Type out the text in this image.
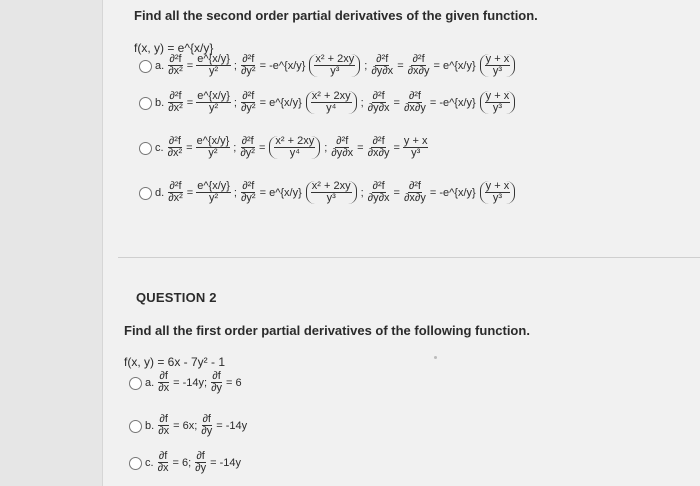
Find all the second order partial derivatives of the given function.
f(x, y) = e^{x/y}
a. $\frac{\text{∂²f}}{\text{∂x²}} = \frac{e\^{}\{x/y\}}{\text{y²}}$ ; $\frac{\text{∂²f}}{\text{∂y²}}$ = -e^{x/y} $\frac{\text{x² + 2xy}}{\text{y³}}$ ; $\frac{\text{∂²f}}{\partial y\partial x} = \frac{\text{∂²f}}{\partial x\partial y}$ = e^{x/y} $\frac{y + x}{\text{y³}}$
b. $\frac{\text{∂²f}}{\text{∂x²}} = \frac{e\^{}\{x/y\}}{\text{y²}}$ ; $\frac{\text{∂²f}}{\text{∂y²}}$ = e^{x/y} $\frac{\text{x² + 2xy}}{\text{y⁴}}$ ; $\frac{\text{∂²f}}{\partial y\partial x} = \frac{\text{∂²f}}{\partial x\partial y}$ = -e^{x/y} $\frac{y + x}{\text{y³}}$
c. $\frac{\text{∂²f}}{\text{∂x²}} = \frac{e\^{}\{x/y\}}{\text{y²}}$ ; $\frac{\text{∂²f}}{\text{∂y²}} = \frac{\text{x² + 2xy}}{\text{y⁴}}$ ; $\frac{\text{∂²f}}{\partial y\partial x} = \frac{\text{∂²f}}{\partial x\partial y} = \frac{y + x}{\text{y³}}$
d. $\frac{\text{∂²f}}{\text{∂x²}} = \frac{e\^{}\{x/y\}}{\text{y²}}$ ; $\frac{\text{∂²f}}{\text{∂y²}}$ = e^{x/y} $\frac{\text{x² + 2xy}}{\text{y³}}$ ; $\frac{\text{∂²f}}{\partial y\partial x} = \frac{\text{∂²f}}{\partial x\partial y}$ = -e^{x/y} $\frac{y + x}{\text{y³}}$
QUESTION 2
Find all the first order partial derivatives of the following function.
f(x, y) = 6x - 7y² - 1
a. $\frac{\partial f}{\partial x} = -14y$; $\frac{\partial f}{\partial y} = 6$
b. $\frac{\partial f}{\partial x} = 6x$; $\frac{\partial f}{\partial y} = -14y$
c. $\frac{\partial f}{\partial x} = 6$; $\frac{\partial f}{\partial y} = -14y$
